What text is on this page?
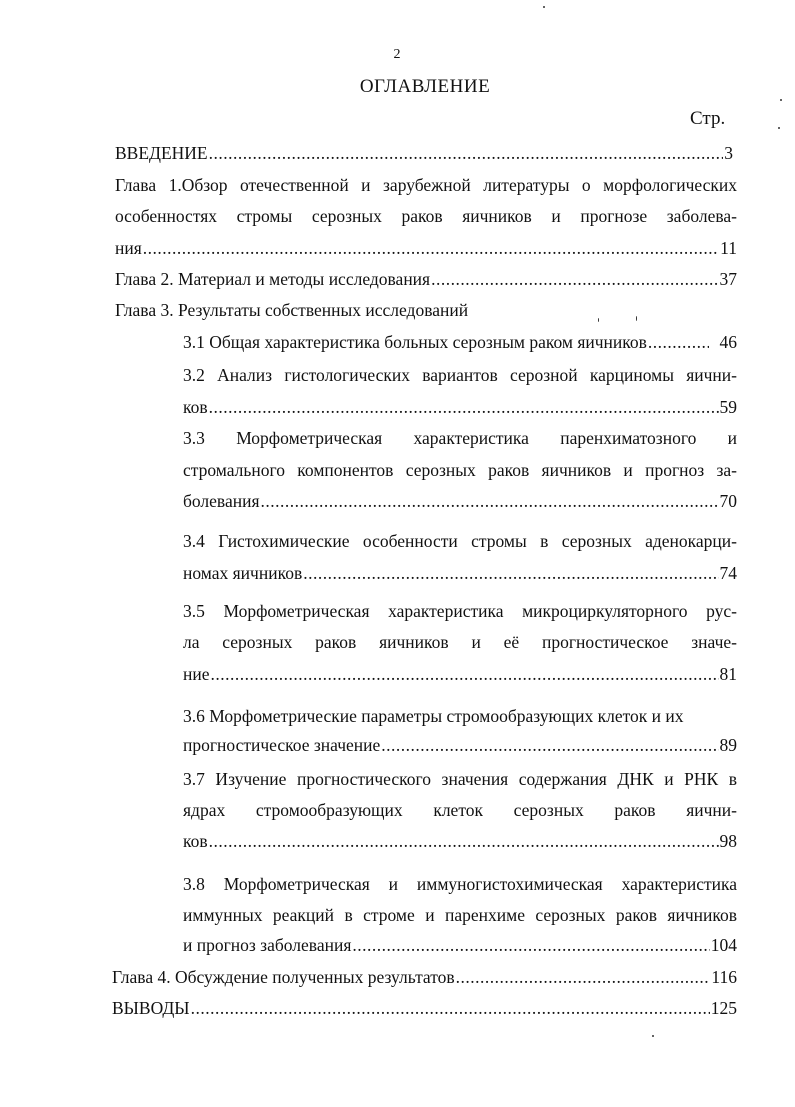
2
ОГЛАВЛЕНИЕ
Стр.
ВВЕДЕНИЕ .....	3
Глава 1.Обзор отечественной и зарубежной литературы о морфологических
особенностях стромы серозных раков яичников и прогнозе заболева-
ния .....	11
Глава 2. Материал и методы исследования .....	37
Глава 3. Результаты собственных исследований
3.1 Общая характеристика больных серозным раком яичников .....	46
3.2 Анализ гистологических вариантов серозной карциномы яични-
ков .....	59
3.3 Морфометрическая характеристика паренхиматозного и
стромального компонентов серозных раков яичников и прогноз за-
болевания .....	70
3.4 Гистохимические особенности стромы в серозных аденокарци-
номах яичников .....	74
3.5 Морфометрическая характеристика микроциркуляторного рус-
ла серозных раков яичников и её прогностическое значе-
ние .....	81
3.6 Морфометрические параметры стромообразующих клеток и их
прогностическое значение .....	89
3.7 Изучение прогностического значения содержания ДНК и РНК в
ядрах стромообразующих клеток серозных раков яични-
ков .....	98
3.8 Морфометрическая и иммуногистохимическая характеристика
иммунных реакций в строме и паренхиме серозных раков яичников
и прогноз заболевания .....	104
Глава 4. Обсуждение полученных результатов .....	116
ВЫВОДЫ .....	125
